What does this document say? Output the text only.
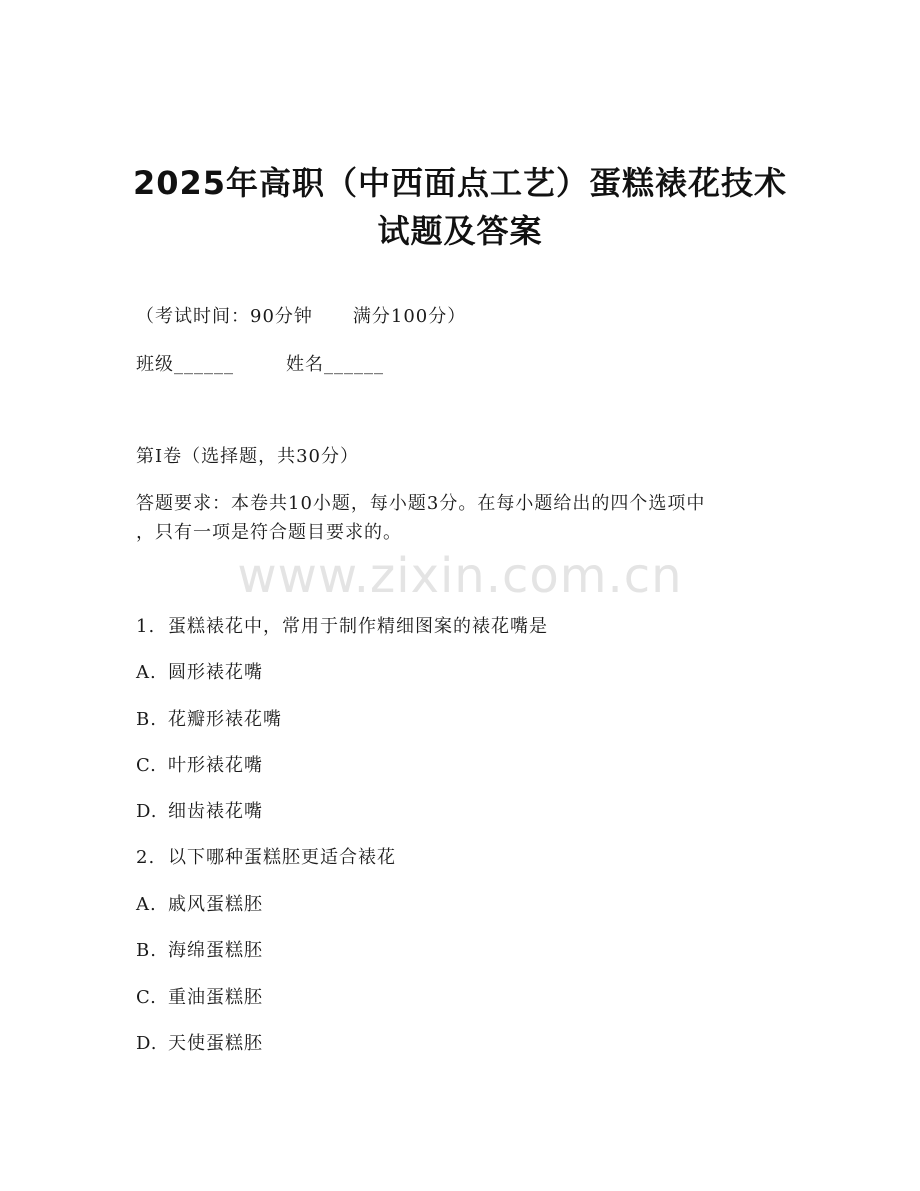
2025年高职（中西面点工艺）蛋糕裱花技术
试题及答案
（考试时间：90分钟 满分100分）
班级______	姓名______
第Ⅰ卷（选择题，共30分）
答题要求：本卷共10小题，每小题3分。在每小题给出的四个选项中
，只有一项是符合题目要求的。
www.zixin.com.cn
1. 蛋糕裱花中，常用于制作精细图案的裱花嘴是
A. 圆形裱花嘴
B. 花瓣形裱花嘴
C. 叶形裱花嘴
D. 细齿裱花嘴
2. 以下哪种蛋糕胚更适合裱花
A. 戚风蛋糕胚
B. 海绵蛋糕胚
C. 重油蛋糕胚
D. 天使蛋糕胚
